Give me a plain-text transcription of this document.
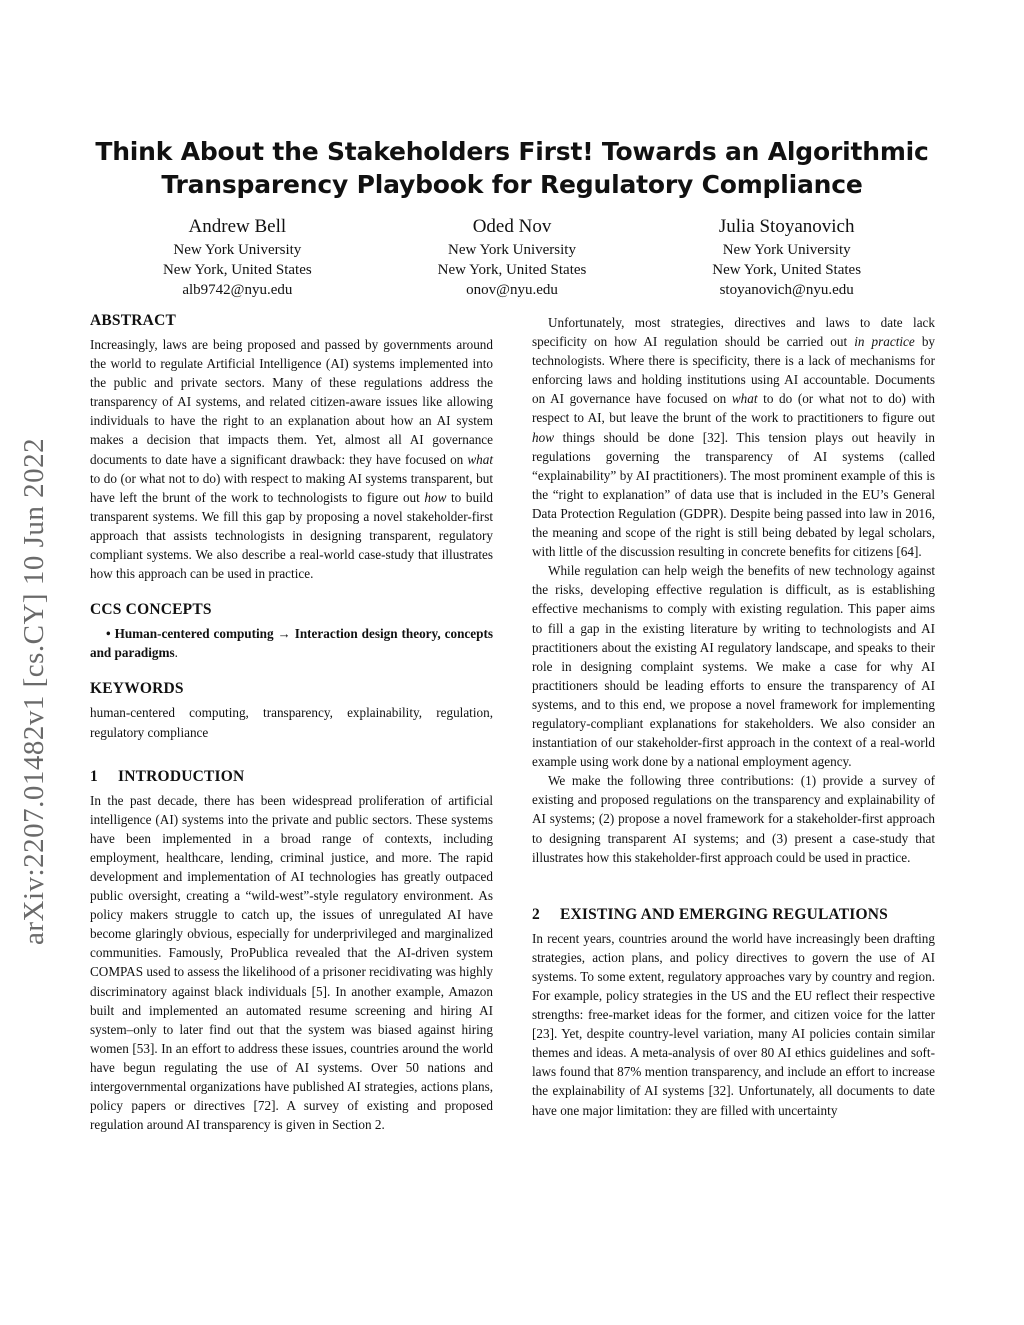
arXiv:2207.01482v1 [cs.CY] 10 Jun 2022
Think About the Stakeholders First! Towards an Algorithmic
Transparency Playbook for Regulatory Compliance
Andrew Bell
New York University
New York, United States
alb9742@nyu.edu
Oded Nov
New York University
New York, United States
onov@nyu.edu
Julia Stoyanovich
New York University
New York, United States
stoyanovich@nyu.edu
ABSTRACT

Increasingly, laws are being proposed and passed by governments around the world to regulate Artificial Intelligence (AI) systems implemented into the public and private sectors. Many of these regulations address the transparency of AI systems, and related citizen-aware issues like allowing individuals to have the right to an explanation about how an AI system makes a decision that impacts them. Yet, almost all AI governance documents to date have a significant drawback: they have focused on what to do (or what not to do) with respect to making AI systems transparent, but have left the brunt of the work to technologists to figure out how to build transparent systems. We fill this gap by proposing a novel stakeholder-first approach that assists technologists in designing transparent, regulatory compliant systems. We also describe a real-world case-study that illustrates how this approach can be used in practice.

CCS CONCEPTS

• Human-centered computing → Interaction design theory, concepts and paradigms.

KEYWORDS

human-centered computing, transparency, explainability, regulation, regulatory compliance

1 INTRODUCTION

In the past decade, there has been widespread proliferation of artificial intelligence (AI) systems into the private and public sectors. These systems have been implemented in a broad range of contexts, including employment, healthcare, lending, criminal justice, and more. The rapid development and implementation of AI technologies has greatly outpaced public oversight, creating a “wild-west”-style regulatory environment. As policy makers struggle to catch up, the issues of unregulated AI have become glaringly obvious, especially for underprivileged and marginalized communities. Famously, ProPublica revealed that the AI-driven system COMPAS used to assess the likelihood of a prisoner recidivating was highly discriminatory against black individuals [5]. In another example, Amazon built and implemented an automated resume screening and hiring AI system–only to later find out that the system was biased against hiring women [53]. In an effort to address these issues, countries around the world have begun regulating the use of AI systems. Over 50 nations and intergovernmental organizations have published AI strategies, actions plans, policy papers or directives [72]. A survey of existing and proposed regulation around AI transparency is given in Section 2.

Unfortunately, most strategies, directives and laws to date lack specificity on how AI regulation should be carried out in practice by technologists. Where there is specificity, there is a lack of mechanisms for enforcing laws and holding institutions using AI accountable. Documents on AI governance have focused on what to do (or what not to do) with respect to AI, but leave the brunt of the work to practitioners to figure out how things should be done [32]. This tension plays out heavily in regulations governing the transparency of AI systems (called “explainability” by AI practitioners). The most prominent example of this is the “right to explanation” of data use that is included in the EU’s General Data Protection Regulation (GDPR). Despite being passed into law in 2016, the meaning and scope of the right is still being debated by legal scholars, with little of the discussion resulting in concrete benefits for citizens [64].

While regulation can help weigh the benefits of new technology against the risks, developing effective regulation is difficult, as is establishing effective mechanisms to comply with existing regulation. This paper aims to fill a gap in the existing literature by writing to technologists and AI practitioners about the existing AI regulatory landscape, and speaks to their role in designing complaint systems. We make a case for why AI practitioners should be leading efforts to ensure the transparency of AI systems, and to this end, we propose a novel framework for implementing regulatory-compliant explanations for stakeholders. We also consider an instantiation of our stakeholder-first approach in the context of a real-world example using work done by a national employment agency.

We make the following three contributions: (1) provide a survey of existing and proposed regulations on the transparency and explainability of AI systems; (2) propose a novel framework for a stakeholder-first approach to designing transparent AI systems; and (3) present a case-study that illustrates how this stakeholder-first approach could be used in practice.

2 EXISTING AND EMERGING REGULATIONS

In recent years, countries around the world have increasingly been drafting strategies, action plans, and policy directives to govern the use of AI systems. To some extent, regulatory approaches vary by country and region. For example, policy strategies in the US and the EU reflect their respective strengths: free-market ideas for the former, and citizen voice for the latter [23]. Yet, despite country-level variation, many AI policies contain similar themes and ideas. A meta-analysis of over 80 AI ethics guidelines and soft-laws found that 87% mention transparency, and include an effort to increase the explainability of AI systems [32]. Unfortunately, all documents to date have one major limitation: they are filled with uncertainty
